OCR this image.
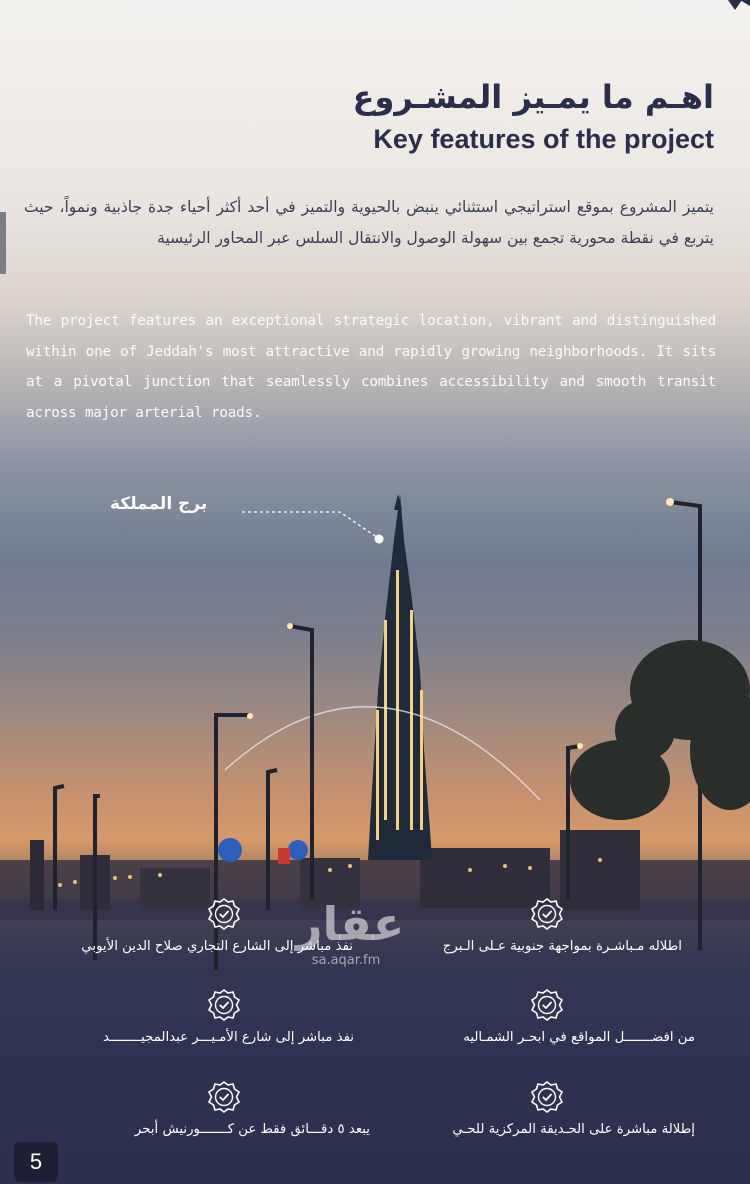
اهـم ما يمـيز المشـروع
Key features of the project

يتميز المشروع بموقع استراتيجي استثنائي ينبض بالحيوية والتميز في أحد أكثر أحياء جدة جاذبية ونمواً، حيث يتربع في نقطة محورية تجمع بين سهولة الوصول والانتقال السلس عبر المحاور الرئيسية

The project features an exceptional strategic location, vibrant and distinguished within one of Jeddah's most attractive and rapidly growing neighborhoods. It sits at a pivotal junction that seamlessly combines accessibility and smooth transit across major arterial roads.

برج المملكة

اطلاله مـباشـرة بمواجهة جنوبية عـلى الـبرج

نفذ مباشر إلى الشارع التجاري صلاح الدين الأيوبي

من افضـــــــل المواقع في ابحـر الشمـاليه

نفذ مباشر إلى شارع الأمـيـــر عبدالمجيــــــــد

إطلالة مباشرة على الحـديقة المركزية للحـي

يبعد ٥ دقـــائق فقط عن كـــــــورنيش أبحر

عقار
sa.aqar.fm
5
